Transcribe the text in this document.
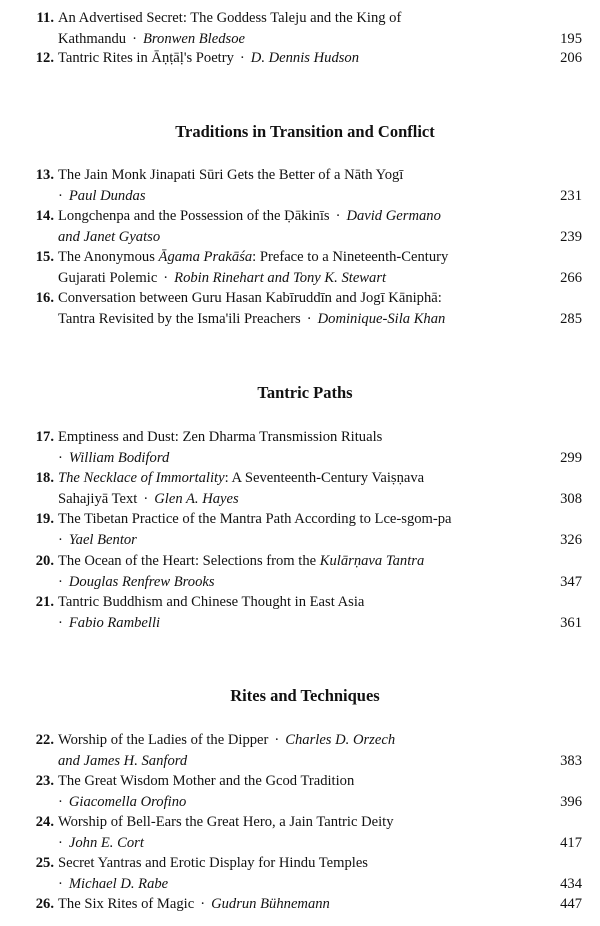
11 . An Advertised Secret: The Goddess Taleju and the King of
Kathmandu · Bronwen Bledsoe	195
12 . Tantric Rites in Āṇṭāḷ's Poetry · D. Dennis Hudson	206
Traditions in Transition and Conflict
13 . The Jain Monk Jinapati Sūri Gets the Better of a Nāth Yogī
· Paul Dundas	231
14 . Longchenpa and the Possession of the Ḍākinīs · David Germano
and Janet Gyatso	239
15 . The Anonymous Āgama Prakāśa: Preface to a Nineteenth-Century
Gujarati Polemic · Robin Rinehart and Tony K. Stewart	266
16 . Conversation between Guru Hasan Kabīruddīn and Jogī Kāniphā:
Tantra Revisited by the Isma'ili Preachers · Dominique-Sila Khan	285
Tantric Paths
17 . Emptiness and Dust: Zen Dharma Transmission Rituals
· William Bodiford	299
18 . The Necklace of Immortality: A Seventeenth-Century Vaiṣṇava
Sahajiyā Text · Glen A. Hayes	308
19 . The Tibetan Practice of the Mantra Path According to Lce-sgom-pa
· Yael Bentor	326
20 . The Ocean of the Heart: Selections from the Kulārṇava Tantra
· Douglas Renfrew Brooks	347
21 . Tantric Buddhism and Chinese Thought in East Asia
· Fabio Rambelli	361
Rites and Techniques
22 . Worship of the Ladies of the Dipper · Charles D. Orzech
and James H. Sanford	383
23 . The Great Wisdom Mother and the Gcod Tradition
· Giacomella Orofino	396
24 . Worship of Bell-Ears the Great Hero, a Jain Tantric Deity
· John E. Cort	417
25 . Secret Yantras and Erotic Display for Hindu Temples
· Michael D. Rabe	434
26 . The Six Rites of Magic · Gudrun Bühnemann	447
